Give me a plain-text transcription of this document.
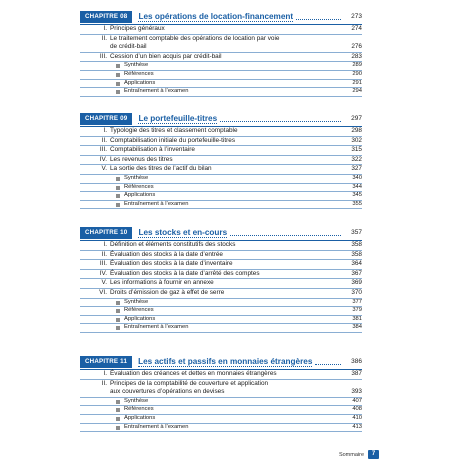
CHAPITRE 08	Les opérations de location-financement	273
I. Principes généraux	274
II. Le traitement comptable des opérations de location par voie
de crédit-bail	276
III. Cession d’un bien acquis par crédit-bail	283
Synthèse	289
Références	290
Applications	291
Entraînement à l’examen	294
CHAPITRE 09	Le portefeuille-titres	297
I. Typologie des titres et classement comptable	298
II. Comptabilisation initiale du portefeuille-titres	302
III. Comptabilisation à l’inventaire	315
IV. Les revenus des titres	322
V. La sortie des titres de l’actif du bilan	327
Synthèse	340
Références	344
Applications	345
Entraînement à l’examen	355
CHAPITRE 10	Les stocks et en-cours	357
I. Définition et éléments constitutifs des stocks	358
II. Évaluation des stocks à la date d’entrée	358
III. Évaluation des stocks à la date d’inventaire	364
IV. Évaluation des stocks à la date d’arrêté des comptes	367
V. Les informations à fournir en annexe	369
VI. Droits d’émission de gaz à effet de serre	370
Synthèse	377
Références	379
Applications	381
Entraînement à l’examen	384
CHAPITRE 11	Les actifs et passifs en monnaies étrangères	386
I. Évaluation des créances et dettes en monnaies étrangères	387
II. Principes de la comptabilité de couverture et application
aux couvertures d’opérations en devises	393
Synthèse	407
Références	408
Applications	410
Entraînement à l’examen	413
Sommaire	7
